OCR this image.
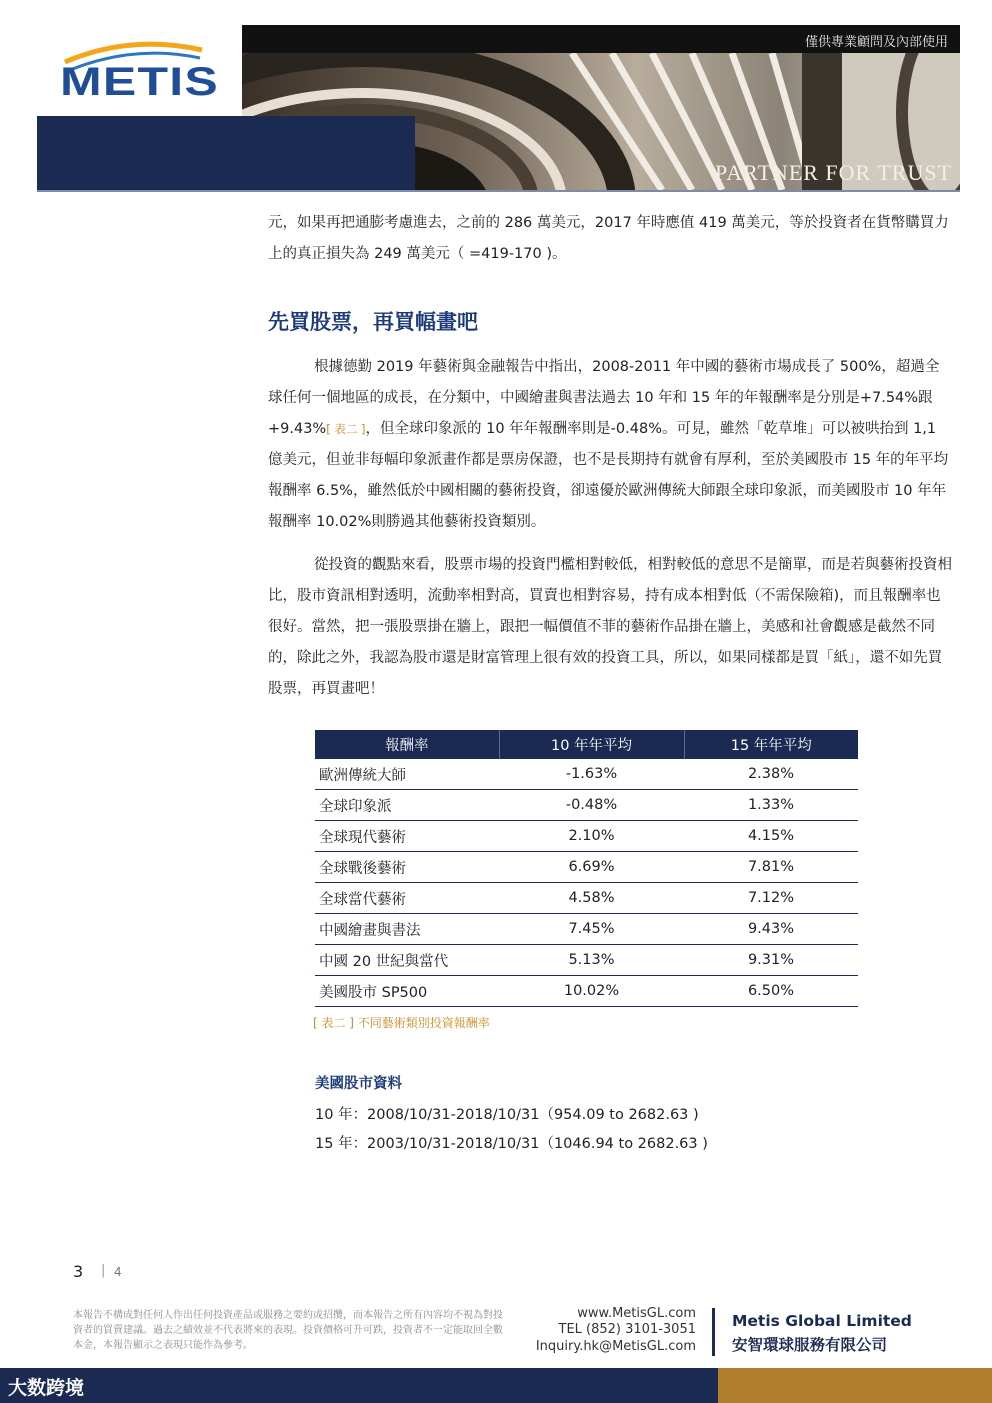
METIS
僅供專業顧問及內部使用
PARTNER FOR TRUST

元，如果再把通膨考慮進去，之前的 286 萬美元，2017 年時應值 419 萬美元，等於投資者在貨幣購買力上的真正損失為 249 萬美元（ =419-170 )。

先買股票，再買幅畫吧

根據德勤 2019 年藝術與金融報告中指出，2008-2011 年中國的藝術市場成長了 500%，超過全球任何一個地區的成長，在分類中，中國繪畫與書法過去 10 年和 15 年的年報酬率是分別是+7.54%跟+9.43%[ 表二 ]，但全球印象派的 10 年年報酬率則是-0.48%。可見，雖然「乾草堆」可以被哄抬到 1,1 億美元，但並非每幅印象派畫作都是票房保證，也不是長期持有就會有厚利，至於美國股市 15 年的年平均報酬率 6.5%，雖然低於中國相關的藝術投資，卻遠優於歐洲傳統大師跟全球印象派，而美國股市 10 年年報酬率 10.02%則勝過其他藝術投資類別。

從投資的觀點來看，股票市場的投資門檻相對較低，相對較低的意思不是簡單，而是若與藝術投資相比，股市資訊相對透明，流動率相對高，買賣也相對容易，持有成本相對低（不需保險箱)，而且報酬率也很好。當然，把一張股票掛在牆上，跟把一幅價值不菲的藝術作品掛在牆上，美感和社會觀感是截然不同的，除此之外，我認為股市還是財富管理上很有效的投資工具，所以，如果同樣都是買「紙」，還不如先買股票，再買畫吧！

報酬率	10 年年平均	15 年年平均
歐洲傳統大師	-1.63%	2.38%
全球印象派	-0.48%	1.33%
全球現代藝術	2.10%	4.15%
全球戰後藝術	6.69%	7.81%
全球當代藝術	4.58%	7.12%
中國繪畫與書法	7.45%	9.43%
中國 20 世紀與當代	5.13%	9.31%
美國股市 SP500	10.02%	6.50%
[ 表二 ] 不同藝術類別投資報酬率
美國股市資料
10 年：2008/10/31-2018/10/31（954.09 to 2682.63 )
15 年：2003/10/31-2018/10/31（1046.94 to 2682.63 )
3 | 4
本報告不構成對任何人作出任何投資產品或服務之要約或招攬，而本報告之所有內容均不視為對投資者的買賣建議。過去之績效並不代表將來的表現。投資價格可升可跌，投資者不一定能取回全數本金，本報告顯示之表現只能作為參考。
www.MetisGL.com
TEL (852) 3101-3051
Inquiry.hk@MetisGL.com
Metis Global Limited
安智環球服務有限公司
大数跨境
